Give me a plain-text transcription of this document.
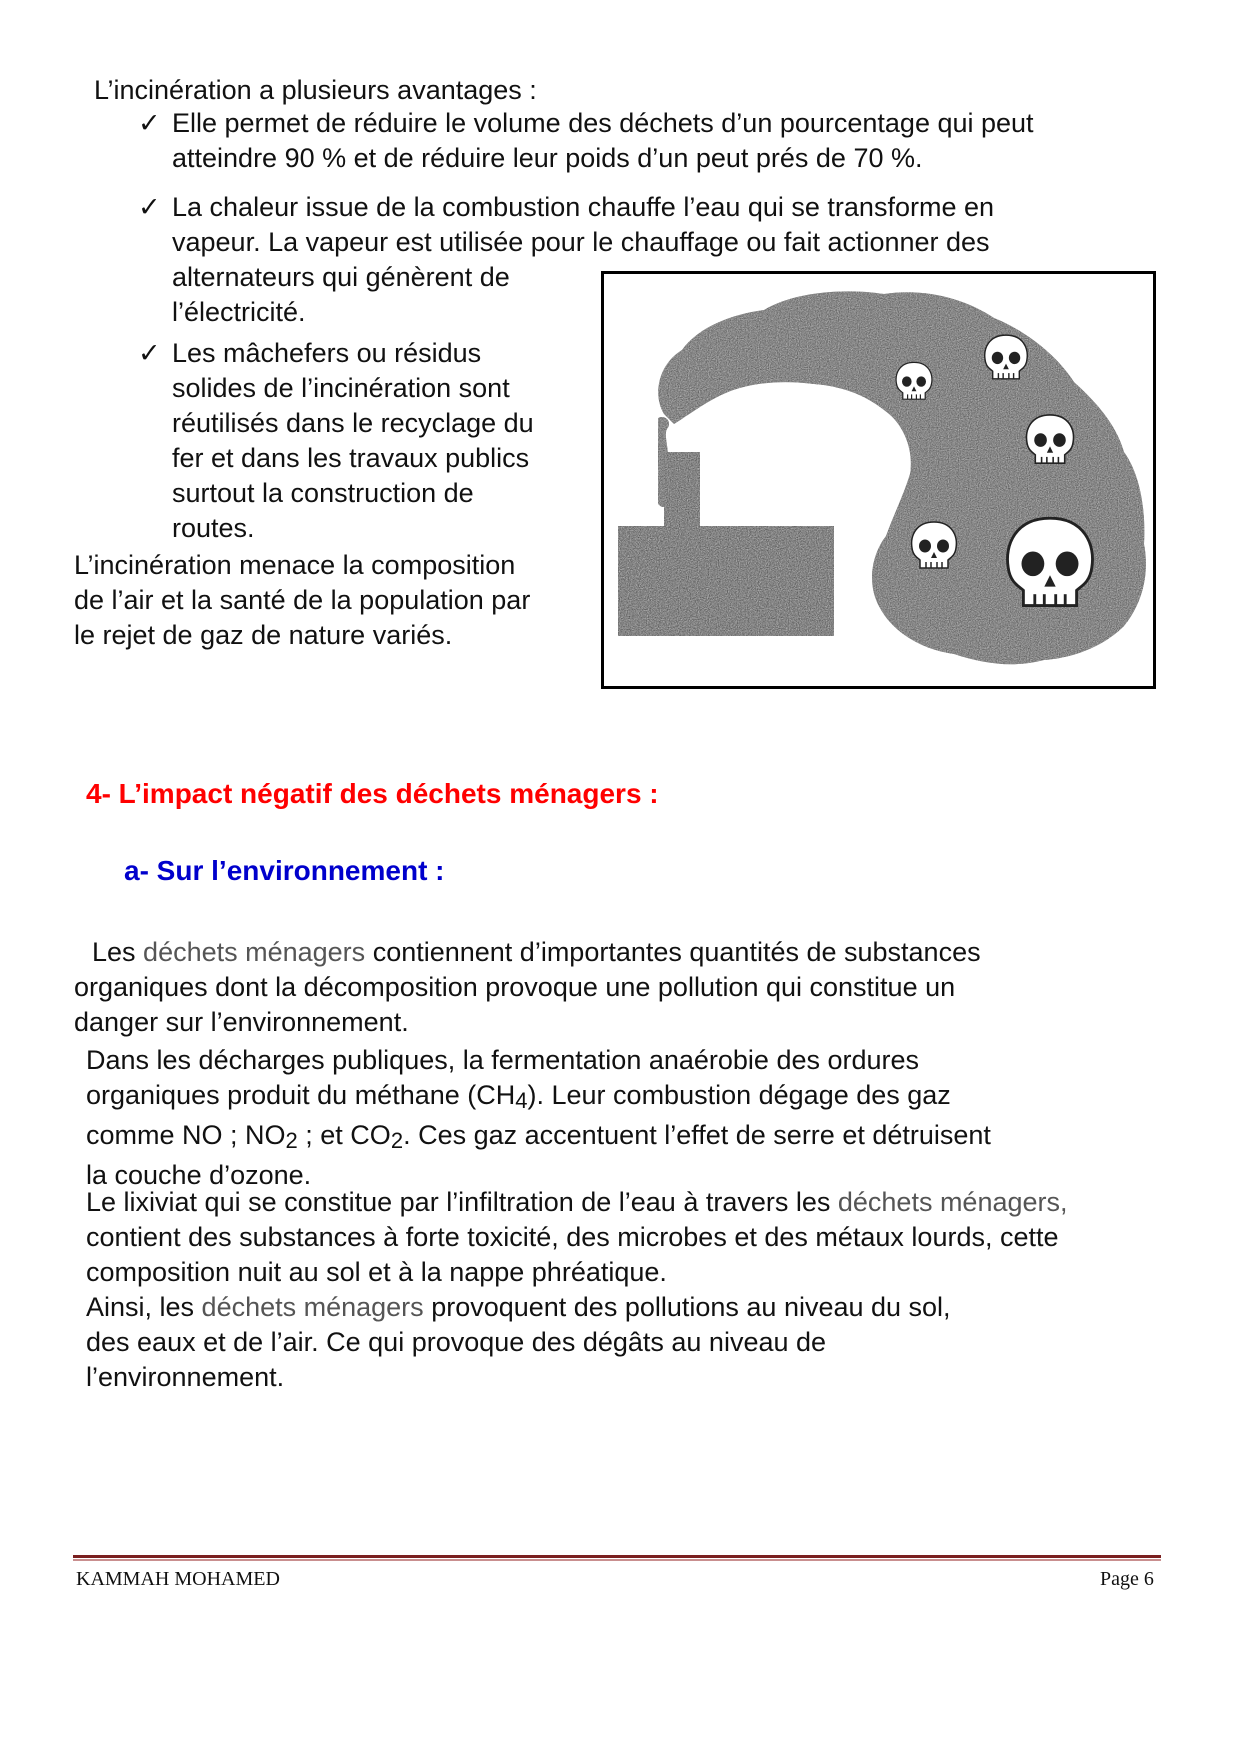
L’incinération a plusieurs avantages :
✓ Elle permet de réduire le volume des déchets d’un pourcentage qui peut
atteindre 90 % et de réduire leur poids d’un peut prés de 70 %.
✓ La chaleur issue de la combustion chauffe l’eau qui se transforme en
vapeur. La vapeur est utilisée pour le chauffage ou fait actionner des
alternateurs qui génèrent de
l’électricité.
✓ Les mâchefers ou résidus
solides de l’incinération sont
réutilisés dans le recyclage du
fer et dans les travaux publics
surtout la construction de
routes.
L’incinération menace la composition
de l’air et la santé de la population par
le rejet de gaz de nature variés.
4- L’impact négatif des déchets ménagers :
a- Sur l’environnement :
Les déchets ménagers contiennent d’importantes quantités de substances
organiques dont la décomposition provoque une pollution qui constitue un
danger sur l’environnement.
Dans les décharges publiques, la fermentation anaérobie des ordures
organiques produit du méthane $(CH_4)$. Leur combustion dégage des gaz
comme NO ; $NO_2$ ; et $CO_2$. Ces gaz accentuent l’effet de serre et détruisent
la couche d’ozone.
Le lixiviat qui se constitue par l’infiltration de l’eau à travers les déchets ménagers,
contient des substances à forte toxicité, des microbes et des métaux lourds, cette
composition nuit au sol et à la nappe phréatique.
Ainsi, les déchets ménagers provoquent des pollutions au niveau du sol,
des eaux et de l’air. Ce qui provoque des dégâts au niveau de
l’environnement.
KAMMAH MOHAMED	Page 6
